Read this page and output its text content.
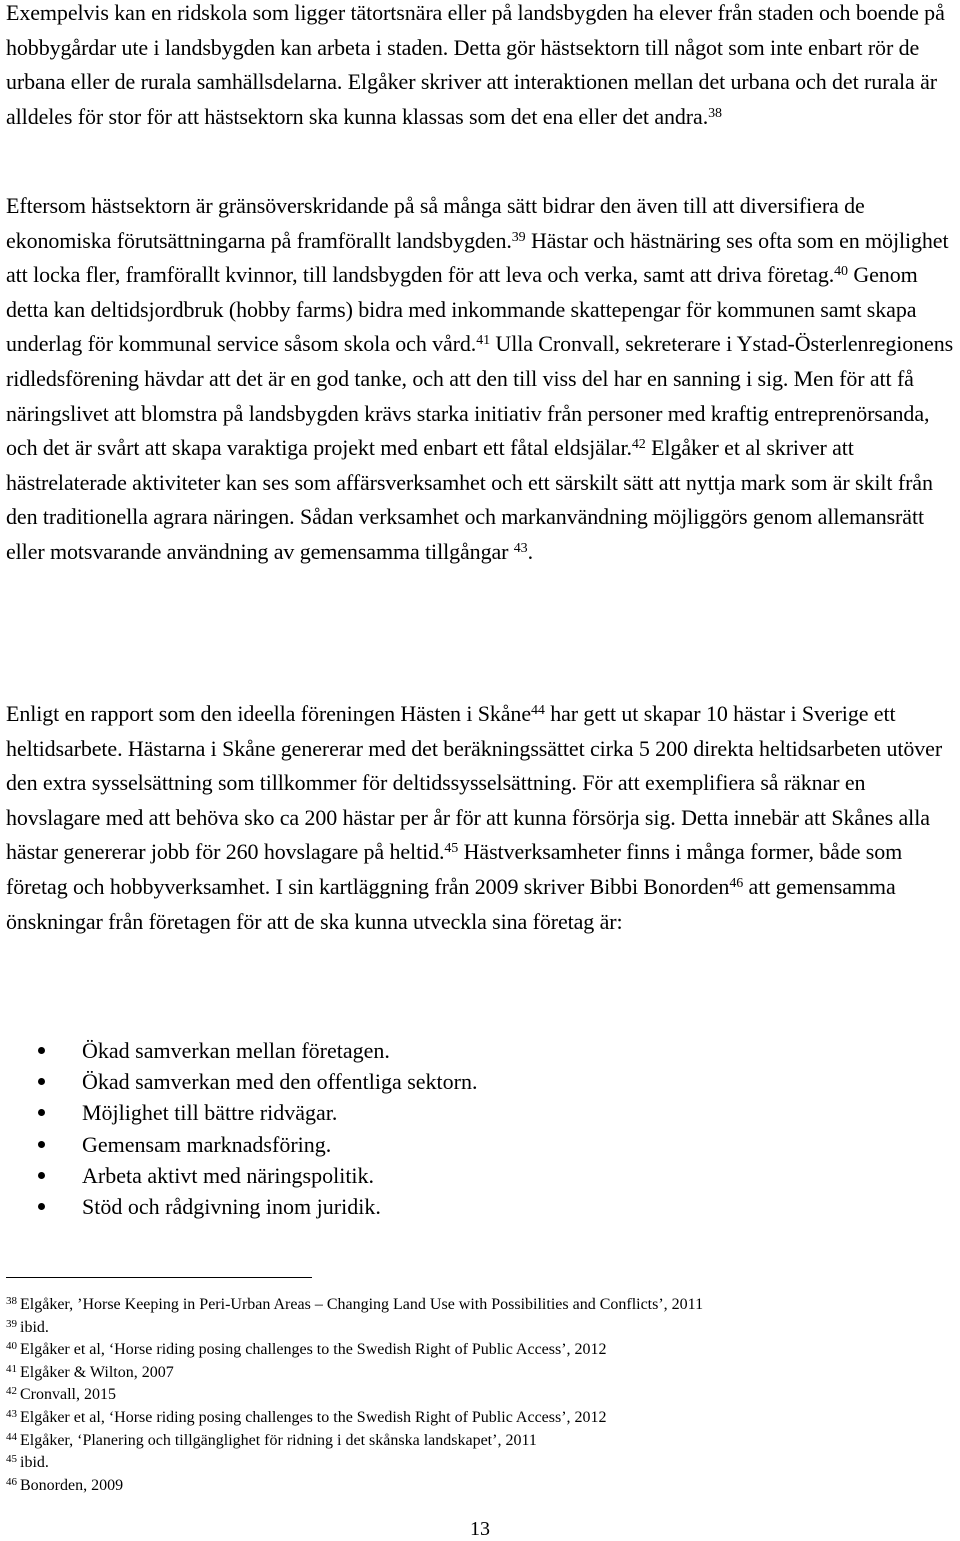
Exempelvis kan en ridskola som ligger tätortsnära eller på landsbygden ha elever från staden och boende på hobbygårdar ute i landsbygden kan arbeta i staden. Detta gör hästsektorn till något som inte enbart rör de urbana eller de rurala samhällsdelarna. Elgåker skriver att interaktionen mellan det urbana och det rurala är alldeles för stor för att hästsektorn ska kunna klassas som det ena eller det andra.$^{38}$

Eftersom hästsektorn är gränsöverskridande på så många sätt bidrar den även till att diversifiera de ekonomiska förutsättningarna på framförallt landsbygden.$^{39}$ Hästar och hästnäring ses ofta som en möjlighet att locka fler, framförallt kvinnor, till landsbygden för att leva och verka, samt att driva företag.$^{40}$ Genom detta kan deltidsjordbruk (hobby farms) bidra med inkommande skattepengar för kommunen samt skapa underlag för kommunal service såsom skola och vård.$^{41}$ Ulla Cronvall, sekreterare i Ystad-Österlenregionens ridledsförening hävdar att det är en god tanke, och att den till viss del har en sanning i sig. Men för att få näringslivet att blomstra på landsbygden krävs starka initiativ från personer med kraftig entreprenörsanda, och det är svårt att skapa varaktiga projekt med enbart ett fåtal eldsjälar.$^{42}$ Elgåker et al skriver att hästrelaterade aktiviteter kan ses som affärsverksamhet och ett särskilt sätt att nyttja mark som är skilt från den traditionella agrara näringen. Sådan verksamhet och markanvändning möjliggörs genom allemansrätt eller motsvarande användning av gemensamma tillgångar $^{43}$.

Enligt en rapport som den ideella föreningen Hästen i Skåne$^{44}$ har gett ut skapar 10 hästar i Sverige ett heltidsarbete. Hästarna i Skåne genererar med det beräkningssättet cirka 5 200 direkta heltidsarbeten utöver den extra sysselsättning som tillkommer för deltidssysselsättning. För att exemplifiera så räknar en hovslagare med att behöva sko ca 200 hästar per år för att kunna försörja sig. Detta innebär att Skånes alla hästar genererar jobb för 260 hovslagare på heltid.$^{45}$ Hästverksamheter finns i många former, både som företag och hobbyverksamhet. I sin kartläggning från 2009 skriver Bibbi Bonorden$^{46}$ att gemensamma önskningar från företagen för att de ska kunna utveckla sina företag är:

Ökad samverkan mellan företagen.
Ökad samverkan med den offentliga sektorn.
Möjlighet till bättre ridvägar.
Gemensam marknadsföring.
Arbeta aktivt med näringspolitik.
Stöd och rådgivning inom juridik.
$^{38}$ Elgåker, ’Horse Keeping in Peri-Urban Areas – Changing Land Use with Possibilities and Conflicts’, 2011
$^{39}$ ibid.
$^{40}$ Elgåker et al, ‘Horse riding posing challenges to the Swedish Right of Public Access’, 2012
$^{41}$ Elgåker & Wilton, 2007
$^{42}$ Cronvall, 2015
$^{43}$ Elgåker et al, ‘Horse riding posing challenges to the Swedish Right of Public Access’, 2012
$^{44}$ Elgåker, ‘Planering och tillgänglighet för ridning i det skånska landskapet’, 2011
$^{45}$ ibid.
$^{46}$ Bonorden, 2009
13
